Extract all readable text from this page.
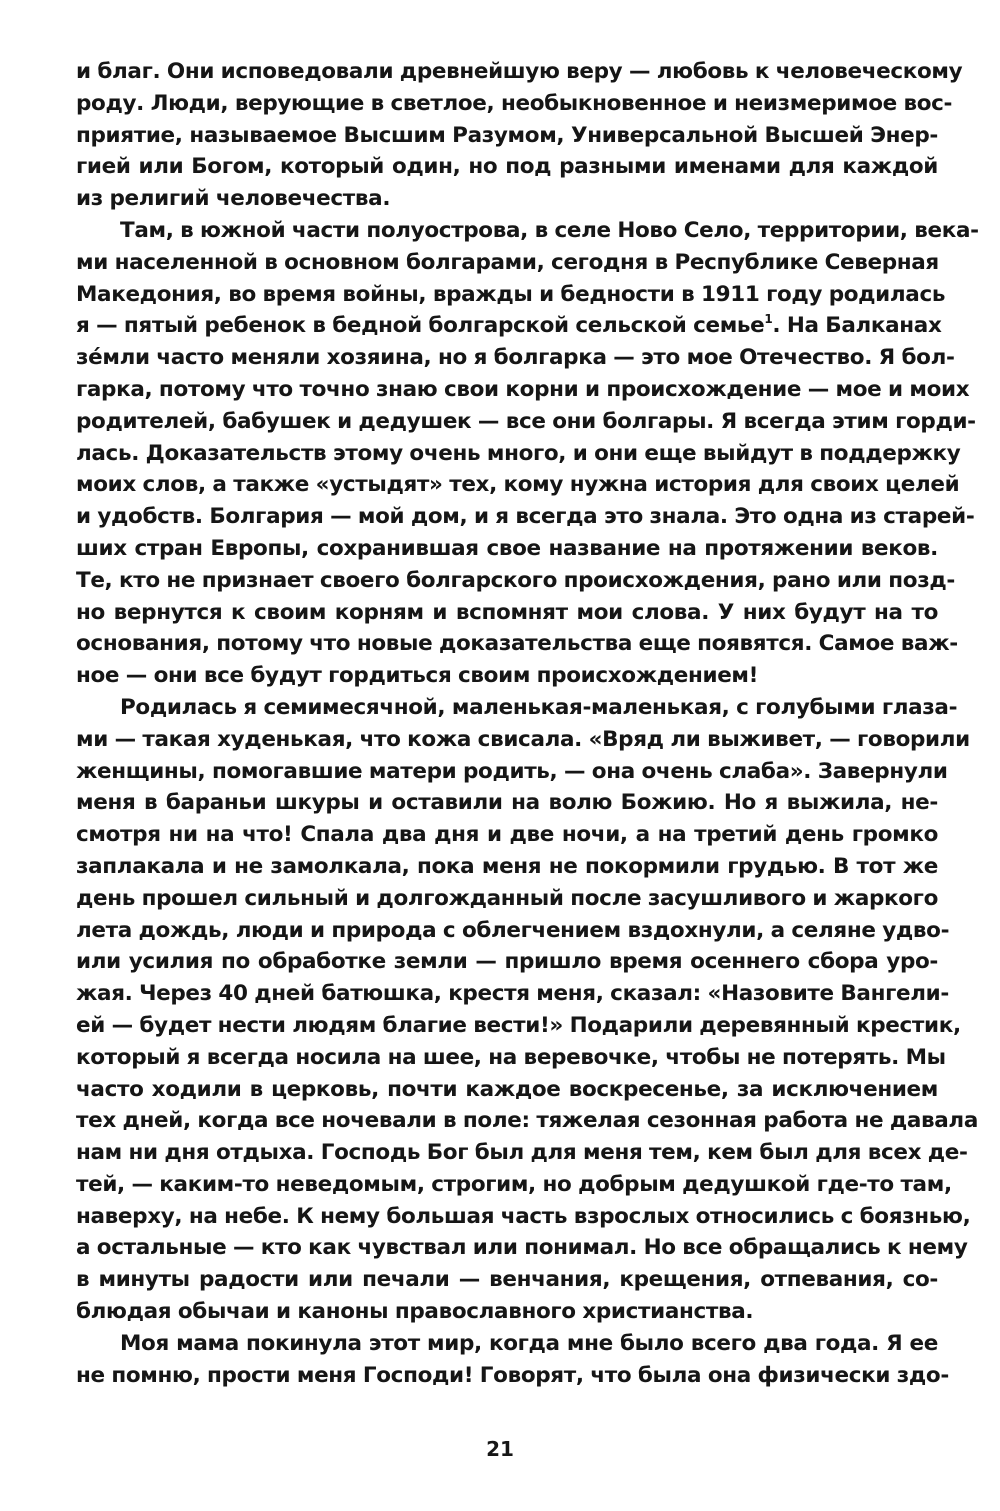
и благ. Они исповедовали древнейшую веру — любовь к человеческому
роду. Люди, верующие в светлое, необыкновенное и неизмеримое вос-
приятие, называемое Высшим Разумом, Универсальной Высшей Энер-
гией или Богом, который один, но под разными именами для каждой
из религий человечества.
Там, в южной части полуострова, в селе Ново Село, территории, века-
ми населенной в основном болгарами, сегодня в Республике Северная
Македония, во время войны, вражды и бедности в 1911 году родилась
я — пятый ребенок в бедной болгарской сельской семье$^1$. На Балканах
зе́мли часто меняли хозяина, но я болгарка — это мое Отечество. Я бол-
гарка, потому что точно знаю свои корни и происхождение — мое и моих
родителей, бабушек и дедушек — все они болгары. Я всегда этим горди-
лась. Доказательств этому очень много, и они еще выйдут в поддержку
моих слов, а также «устыдят» тех, кому нужна история для своих целей
и удобств. Болгария — мой дом, и я всегда это знала. Это одна из старей-
ших стран Европы, сохранившая свое название на протяжении веков.
Те, кто не признает своего болгарского происхождения, рано или позд-
но вернутся к своим корням и вспомнят мои слова. У них будут на то
основания, потому что новые доказательства еще появятся. Самое важ-
ное — они все будут гордиться своим происхождением!
Родилась я семимесячной, маленькая-маленькая, с голубыми глаза-
ми — такая худенькая, что кожа свисала. «Вряд ли выживет, — говорили
женщины, помогавшие матери родить, — она очень слаба». Завернули
меня в бараньи шкуры и оставили на волю Божию. Но я выжила, не-
смотря ни на что! Спала два дня и две ночи, а на третий день громко
заплакала и не замолкала, пока меня не покормили грудью. В тот же
день прошел сильный и долгожданный после засушливого и жаркого
лета дождь, люди и природа с облегчением вздохнули, а селяне удво-
или усилия по обработке земли — пришло время осеннего сбора уро-
жая. Через 40 дней батюшка, крестя меня, сказал: «Назовите Вангели-
ей — будет нести людям благие вести!» Подарили деревянный крестик,
который я всегда носила на шее, на веревочке, чтобы не потерять. Мы
часто ходили в церковь, почти каждое воскресенье, за исключением
тех дней, когда все ночевали в поле: тяжелая сезонная работа не давала
нам ни дня отдыха. Господь Бог был для меня тем, кем был для всех де-
тей, — каким-то неведомым, строгим, но добрым дедушкой где-то там,
наверху, на небе. К нему большая часть взрослых относились с боязнью,
а остальные — кто как чувствал или понимал. Но все обращались к нему
в минуты радости или печали — венчания, крещения, отпевания, со-
блюдая обычаи и каноны православного христианства.
Моя мама покинула этот мир, когда мне было всего два года. Я ее
не помню, прости меня Господи! Говорят, что была она физически здо-
21
